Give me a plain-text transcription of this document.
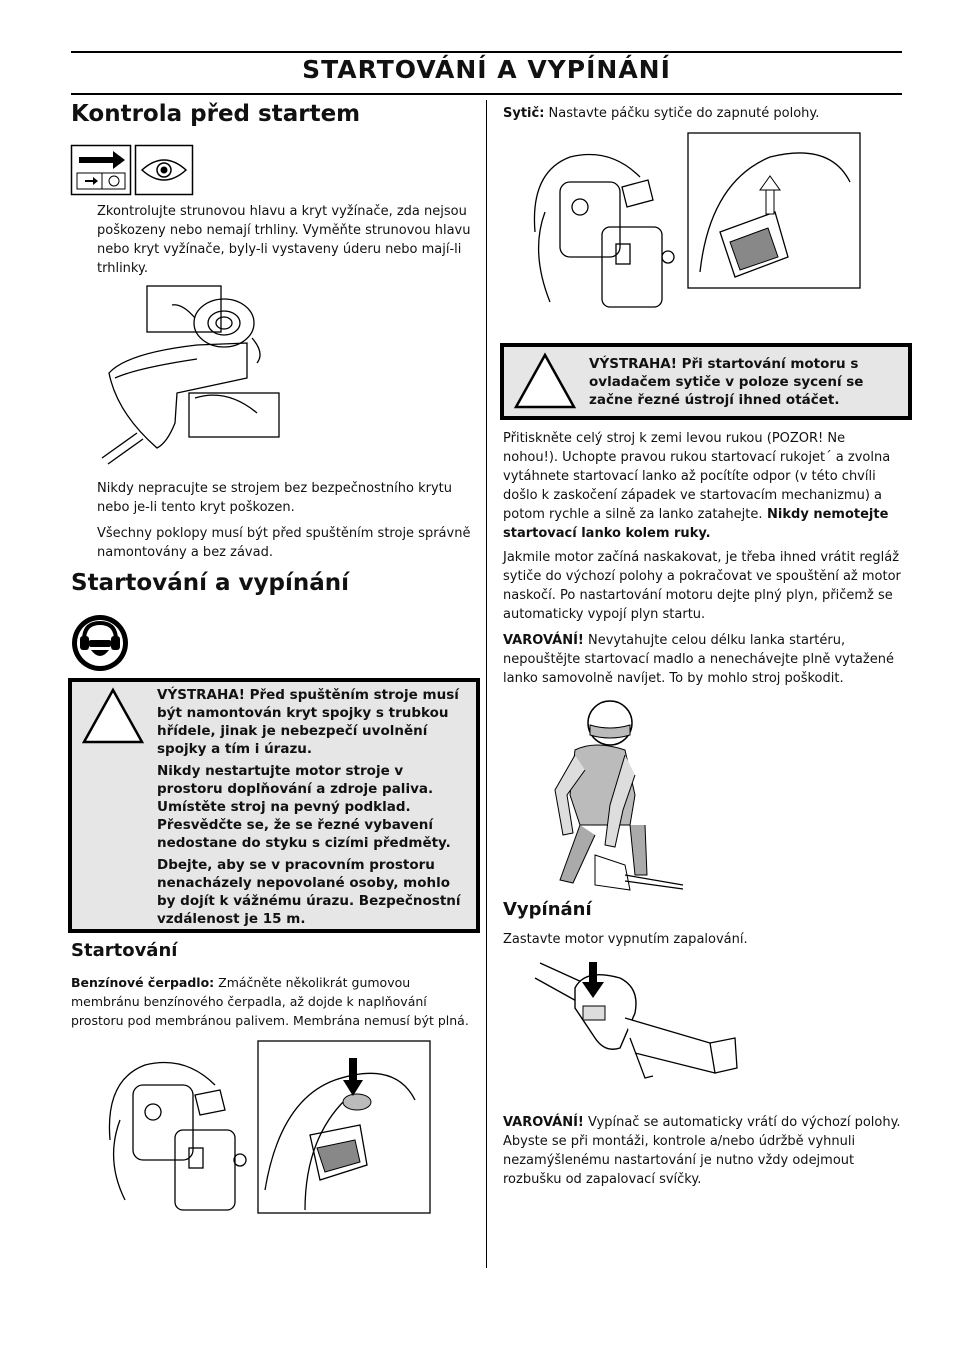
STARTOVÁNÍ A VYPÍNÁNÍ
Kontrola před startem
Zkontrolujte strunovou hlavu a kryt vyžínače, zda nejsou poškozeny nebo nemají trhliny. Vyměňte strunovou hlavu nebo kryt vyžínače, byly-li vystaveny úderu nebo mají-li trhlinky.
Nikdy nepracujte se strojem bez bezpečnostního krytu nebo je-li tento kryt poškozen.
Všechny poklopy musí být před spuštěním stroje správně namontovány a bez závad.
Startování a vypínání

VÝSTRAHA! Před spuštěním stroje musí být namontován kryt spojky s trubkou hřídele, jinak je nebezpečí uvolnění spojky a tím i úrazu.

Nikdy nestartujte motor stroje v prostoru doplňování a zdroje paliva. Umístěte stroj na pevný podklad. Přesvědčte se, že se řezné vybavení nedostane do styku s cizími předměty.

Dbejte, aby se v pracovním prostoru nenacházely nepovolané osoby, mohlo by dojít k vážnému úrazu. Bezpečnostní vzdálenost je 15 m.

Startování
Benzínové čerpadlo: Zmáčněte několikrát gumovou membránu benzínového čerpadla, až dojde k naplňování prostoru pod membránou palivem. Membrána nemusí být plná.
Sytič: Nastavte páčku sytiče do zapnuté polohy.
VÝSTRAHA! Při startování motoru s ovladačem sytiče v poloze sycení se začne řezné ústrojí ihned otáčet.
Přitiskněte celý stroj k zemi levou rukou (POZOR! Ne nohou!). Uchopte pravou rukou startovací rukojet´ a zvolna vytáhnete startovací lanko až pocítíte odpor (v této chvíli došlo k zaskočení západek ve startovacím mechanizmu) a potom rychle a silně za lanko zatahejte. Nikdy nemotejte startovací lanko kolem ruky.
Jakmile motor začíná naskakovat, je třeba ihned vrátit regláž sytiče do výchozí polohy a pokračovat ve spouštění až motor naskočí. Po nastartování motoru dejte plný plyn, přičemž se automaticky vypojí plyn startu.
VAROVÁNÍ! Nevytahujte celou délku lanka startéru, nepouštějte startovací madlo a nenechávejte plně vytažené lanko samovolně navíjet. To by mohlo stroj poškodit.
Vypínání
Zastavte motor vypnutím zapalování.
VAROVÁNÍ! Vypínač se automaticky vrátí do výchozí polohy. Abyste se při montáži, kontrole a/nebo údržbě vyhnuli nezamýšlenému nastartování je nutno vždy odejmout rozbušku od zapalovací svíčky.
